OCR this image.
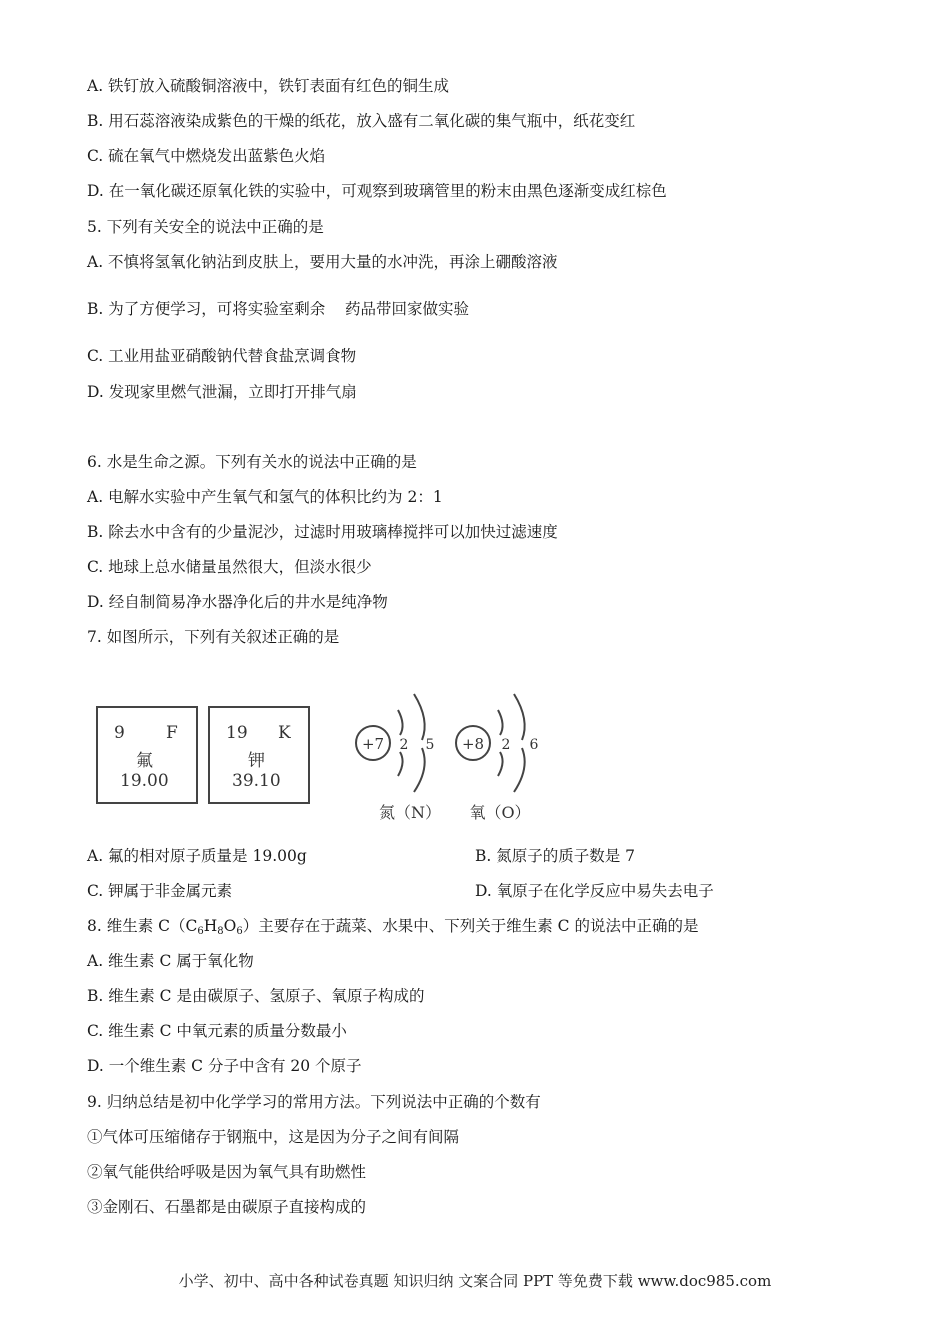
A. 铁钉放入硫酸铜溶液中，铁钉表面有红色的铜生成
B. 用石蕊溶液染成紫色的干燥的纸花，放入盛有二氧化碳的集气瓶中，纸花变红
C. 硫在氧气中燃烧发出蓝紫色火焰
D. 在一氧化碳还原氧化铁的实验中，可观察到玻璃管里的粉末由黑色逐渐变成红棕色
5. 下列有关安全的说法中正确的是
A. 不慎将氢氧化钠沾到皮肤上，要用大量的水冲洗，再涂上硼酸溶液
B. 为了方便学习，可将实验室剩余    药品带回家做实验
C. 工业用盐亚硝酸钠代替食盐烹调食物
D. 发现家里燃气泄漏，立即打开排气扇
6. 水是生命之源。下列有关水的说法中正确的是
A. 电解水实验中产生氧气和氢气的体积比约为 2：1
B. 除去水中含有的少量泥沙，过滤时用玻璃棒搅拌可以加快过滤速度
C. 地球上总水储量虽然很大，但淡水很少
D. 经自制简易净水器净化后的井水是纯净物
7. 如图所示，下列有关叙述正确的是
9 F
氟
19.00
19 K
钾
39.10
+7 2 5
氮（N）
+8 2 6
氧（O）
A. 氟的相对原子质量是 19.00g	B. 氮原子的质子数是 7
C. 钾属于非金属元素	D. 氧原子在化学反应中易失去电子
8. 维生素 $C(C_6H_8O_6)$主要存在于蔬菜、水果中、下列关于维生素 C 的说法中正确的是
A. 维生素 C 属于氧化物
B. 维生素 C 是由碳原子、氢原子、氧原子构成的
C. 维生素 C 中氧元素的质量分数最小
D. 一个维生素 C 分子中含有 20 个原子
9. 归纳总结是初中化学学习的常用方法。下列说法中正确的个数有
①气体可压缩储存于钢瓶中，这是因为分子之间有间隔
②氧气能供给呼吸是因为氧气具有助燃性
③金刚石、石墨都是由碳原子直接构成的
小学、初中、高中各种试卷真题 知识归纳 文案合同 PPT 等免费下载 www.doc985.com
